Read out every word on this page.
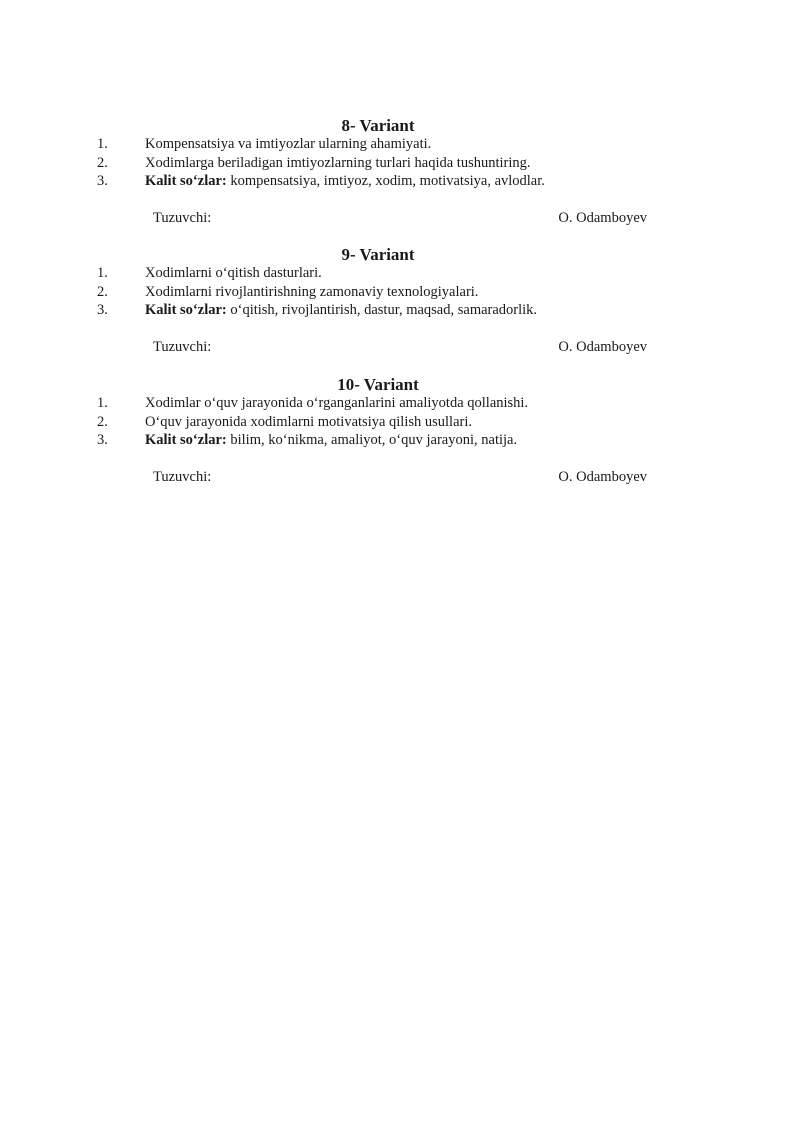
8- Variant
1.	Kompensatsiya va imtiyozlar ularning ahamiyati.
2.	Xodimlarga beriladigan imtiyozlarning turlari haqida tushuntiring.
3.	Kalit so‘zlar: kompensatsiya, imtiyoz, xodim, motivatsiya, avlodlar.
Tuzuvchi:	O. Odamboyev
9- Variant
1.	Xodimlarni o‘qitish dasturlari.
2.	Xodimlarni rivojlantirishning zamonaviy texnologiyalari.
3.	Kalit so‘zlar: o‘qitish, rivojlantirish, dastur, maqsad, samaradorlik.
Tuzuvchi:	O. Odamboyev
10- Variant
1.	Xodimlar o‘quv jarayonida o‘rganganlarini amaliyotda qollanishi.
2.	O‘quv jarayonida xodimlarni motivatsiya qilish usullari.
3.	Kalit so‘zlar: bilim, ko‘nikma, amaliyot, o‘quv jarayoni, natija.
Tuzuvchi:	O. Odamboyev
